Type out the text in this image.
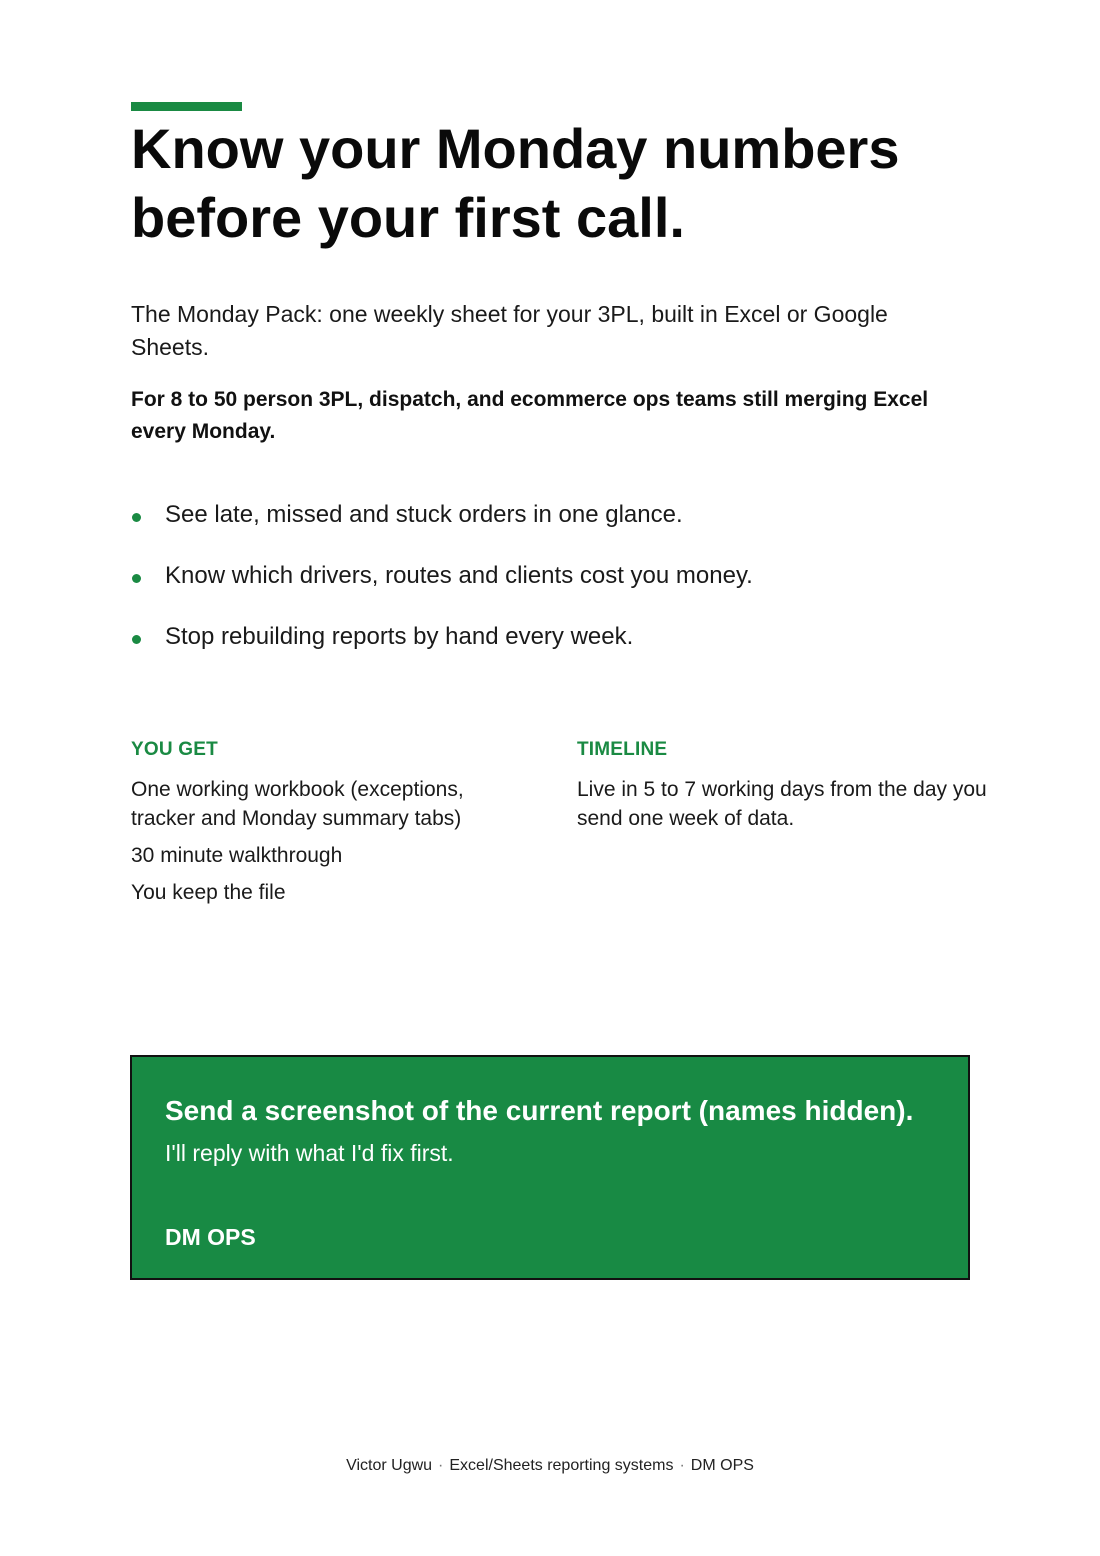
Know your Monday numbers
before your first call.

The Monday Pack: one weekly sheet for your 3PL, built in Excel or Google Sheets.

For 8 to 50 person 3PL, dispatch, and ecommerce ops teams still merging Excel every Monday.

See late, missed and stuck orders in one glance.
Know which drivers, routes and clients cost you money.
Stop rebuilding reports by hand every week.
YOU GET
One working workbook (exceptions, tracker and Monday summary tabs)
30 minute walkthrough
You keep the file
TIMELINE
Live in 5 to 7 working days from the day you send one week of data.

Send a screenshot of the current report (names hidden).

I'll reply with what I'd fix first.

DM OPS

Victor Ugwu · Excel/Sheets reporting systems · DM OPS
